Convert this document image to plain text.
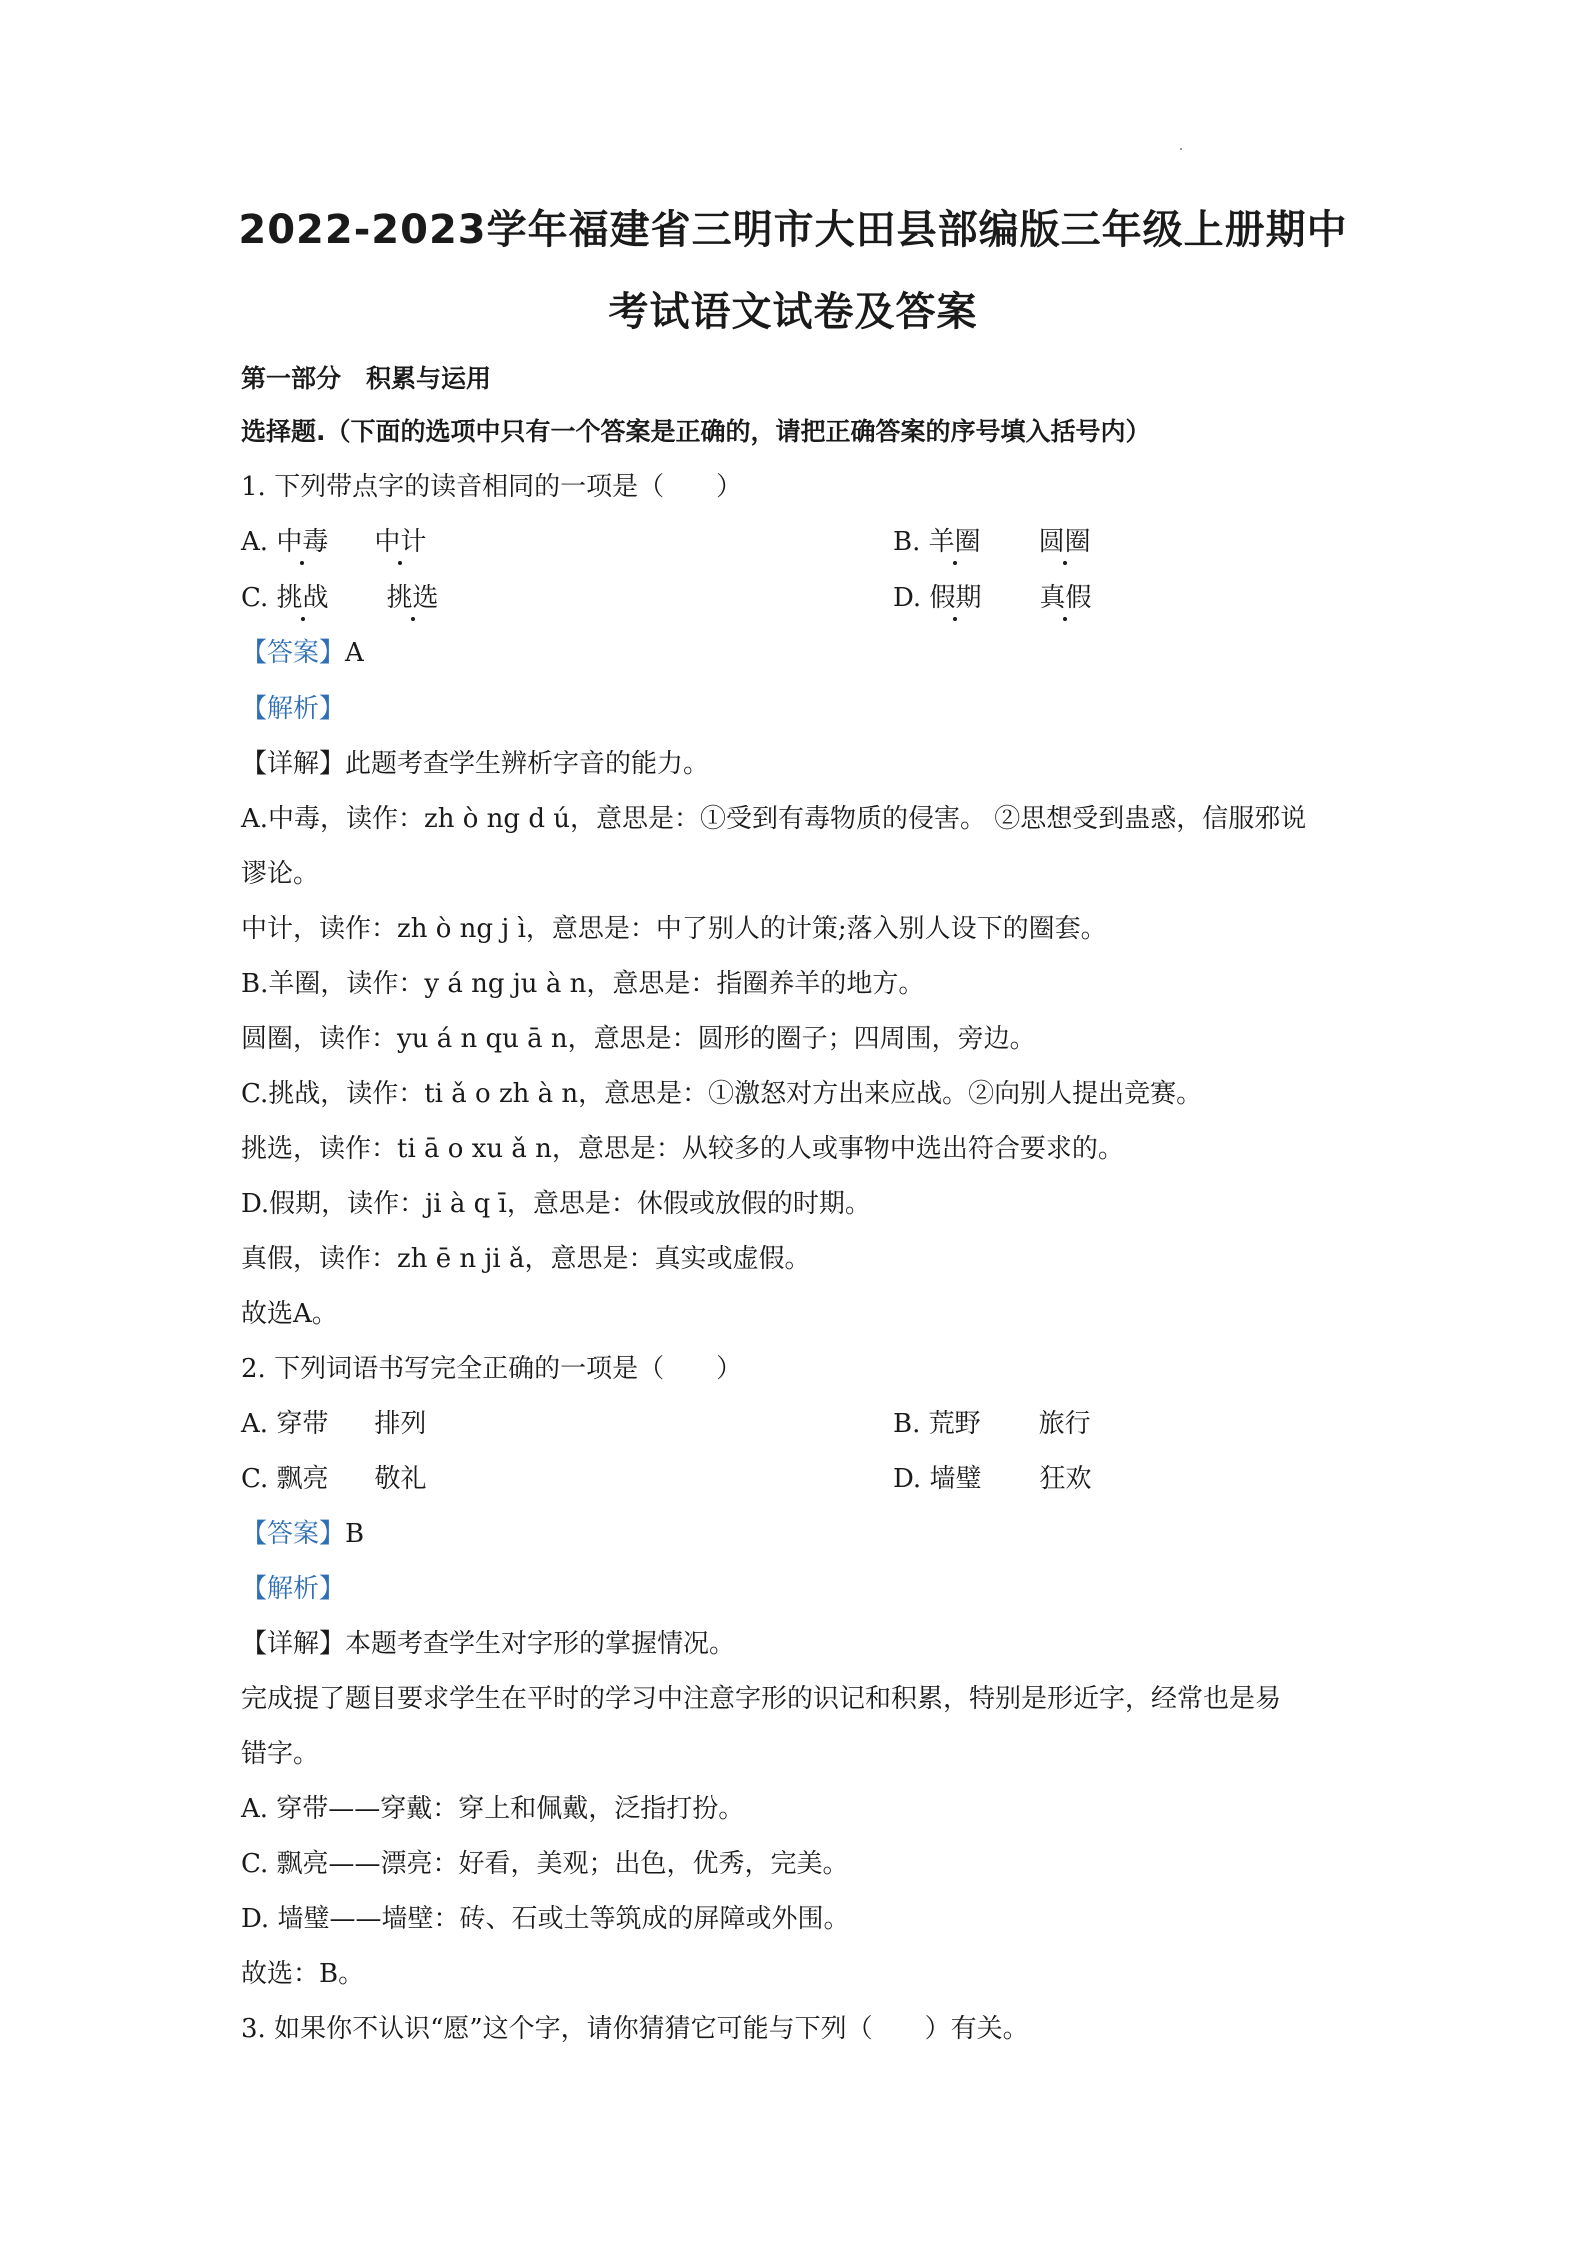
2022-2023学年福建省三明市大田县部编版三年级上册期中
考试语文试卷及答案
第一部分　积累与运用
选择题.（下面的选项中只有一个答案是正确的，请把正确答案的序号填入括号内）
1. 下列带点字的读音相同的一项是（　　）
A. 中毒 中计	B. 羊圈 圆圈
C. 挑战 挑选	D. 假期 真假
【答案】A
【解析】
【详解】此题考查学生辨析字音的能力。
A.中毒，读作：zh ò ng d ú，意思是：①受到有毒物质的侵害。 ②思想受到蛊惑，信服邪说
谬论。
中计，读作：zh ò ng j ì，意思是：中了别人的计策;落入别人设下的圈套。
B.羊圈，读作：y á ng ju à n，意思是：指圈养羊的地方。
圆圈，读作：yu á n qu ā n，意思是：圆形的圈子；四周围，旁边。
C.挑战，读作：ti ǎ o zh à n，意思是：①激怒对方出来应战。②向别人提出竞赛。
挑选，读作：ti ā o xu ǎ n，意思是：从较多的人或事物中选出符合要求的。
D.假期，读作：ji à q ī，意思是：休假或放假的时期。
真假，读作：zh ē n ji ǎ，意思是：真实或虚假。
故选A。
2. 下列词语书写完全正确的一项是（　　）
A. 穿带 排列	B. 荒野 旅行
C. 飘亮 敬礼	D. 墙璧 狂欢
【答案】B
【解析】
【详解】本题考查学生对字形的掌握情况。
完成提了题目要求学生在平时的学习中注意字形的识记和积累，特别是形近字，经常也是易
错字。
A. 穿带——穿戴：穿上和佩戴，泛指打扮。
C. 飘亮——漂亮：好看，美观；出色，优秀，完美。
D. 墙璧——墙壁：砖、石或土等筑成的屏障或外围。
故选：B。
3. 如果你不认识“愿”这个字，请你猜猜它可能与下列（　　）有关。
